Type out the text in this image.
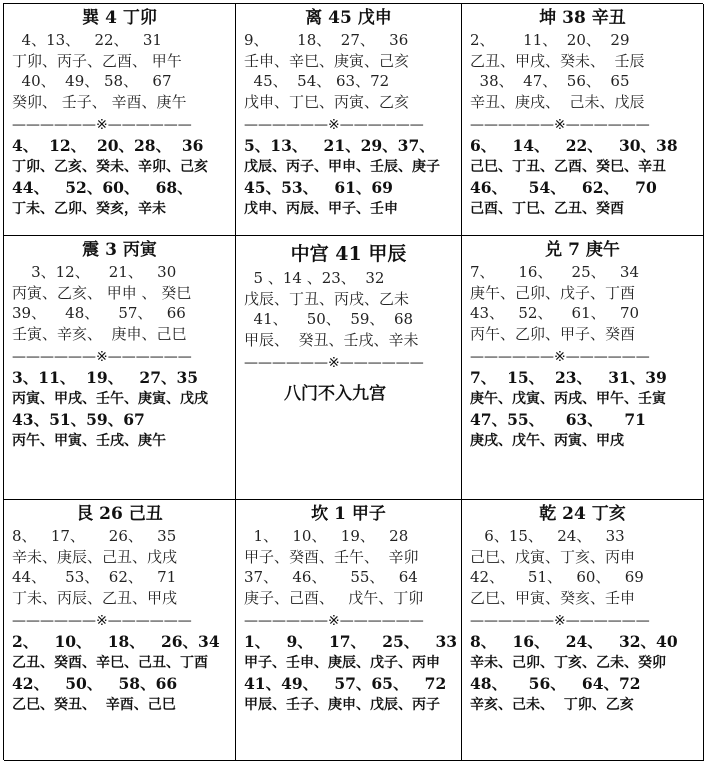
巽 4 丁卯
4、13、   22、   31
丁卯、丙子、乙酉、 甲午
40、  49、 58、   67
癸卯、 壬子、 辛酉、庚午
——————※——————
4、  12、  20、28、  36
丁卯、乙亥、癸未、辛卯、己亥
44、   52、60、   68、
丁未、乙卯、癸亥，辛未
离 45 戊申
9、      18、  27、   36
壬申、辛巳、庚寅、己亥
45、  54、 63、72
戊申、丁巳、丙寅、乙亥
——————※——————
5、13、   21、29、37、
戊辰、丙子、甲申、壬辰、庚子
45、53、   61、69
戊申、丙辰、甲子、壬申
坤 38 辛丑
2、      11、  20、  29
乙丑、甲戌、癸未、  壬辰
38、  47、  56、  65
辛丑、庚戌、  己未、戊辰
——————※——————
6、   14、   22、   30、38
己巳、丁丑、乙酉、癸巳、辛丑
46、    54、   62、   70
己酉、丁巳、乙丑、癸酉
震 3 丙寅
3、12、    21、   30
丙寅、乙亥、 甲申 、 癸巳
39、    48、    57、   66
壬寅、辛亥、  庚申、己巳
——————※——————
3、11、  19、   27、35
丙寅、甲戌、壬午、庚寅、戊戌
43、51、59、67
丙午、甲寅、壬戌、庚午
中宫 41 甲辰
5 、14 、23、  32
戊辰、丁丑、丙戌、乙未
41、    50、  59、  68
甲辰、  癸丑、壬戌、辛未
——————※——————
八门不入九宫
兑 7 庚午
7、     16、    25、   34
庚午、己卯、戊子、丁酉
43、   52、    61、   70
丙午、乙卯、甲子、癸酉
——————※——————
7、  15、  23、   31、39
庚午、戊寅、丙戌、甲午、壬寅
47、55、    63、    71
庚戌、戊午、丙寅、甲戌
艮 26 己丑
8、   17、     26、   35
辛未、庚辰、己丑、戊戌
44、    53、  62、   71
丁未、丙辰、乙丑、甲戌
——————※——————
2、   10、   18、   26、34
乙丑、癸酉、辛巳、己丑、丁酉
42、   50、   58、66
乙巳、癸丑、  辛酉、己巳
坎 1 甲子
1、   10、   19、   28
甲子、癸酉、壬午、  辛卯
37、   46、     55、   64
庚子、己酉、   戊午、丁卯
——————※——————
1、   9、   17、   25、   33
甲子、壬申、庚辰、戊子、丙申
41、49、   57、65、   72
甲辰、壬子、庚申、戊辰、丙子
乾 24 丁亥
6、15、   24、   33
己巳、戊寅、丁亥、丙申
42、     51、   60、   69
乙巳、甲寅、癸亥、壬申
——————※——————
8、   16、   24、   32、40
辛未、己卯、丁亥、乙未、癸卯
48、    56、   64、72
辛亥、己未、  丁卯、乙亥
